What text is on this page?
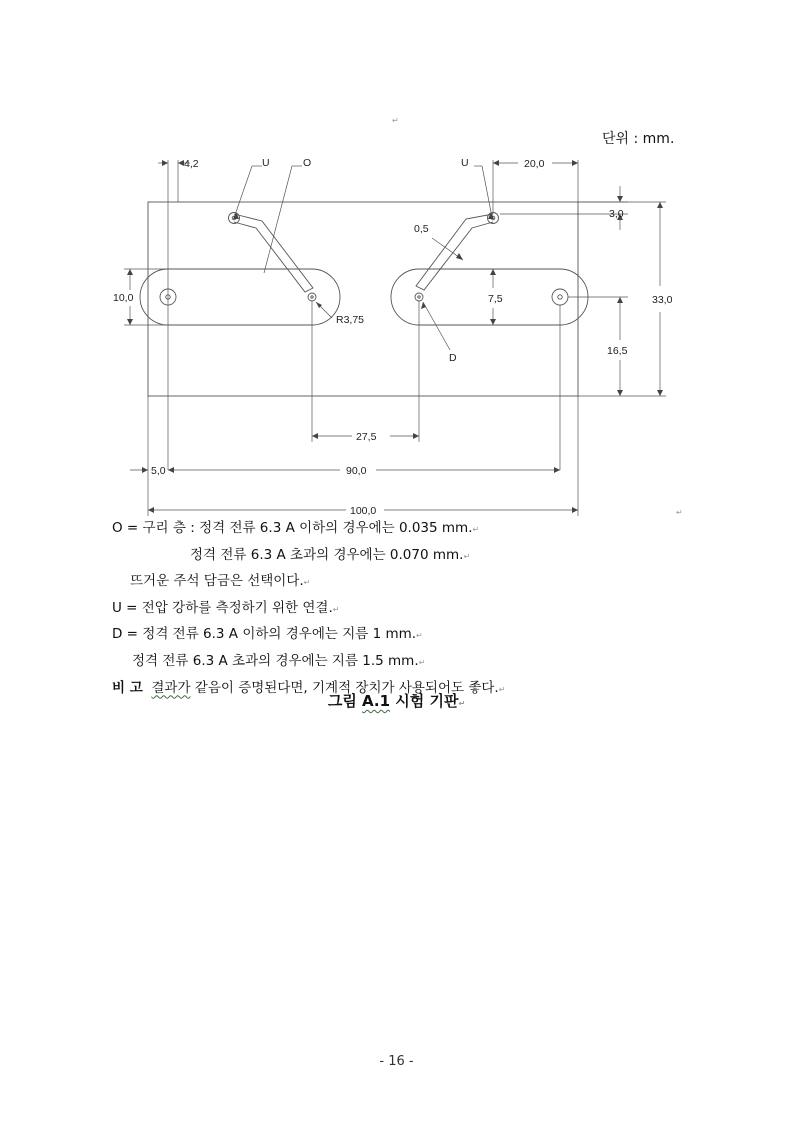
↵
단위 : mm.
U	O	U
D
R3,75
0,5
4,2	20,0
3,0
10,0	7,5	33,0
16,5
27,5
5,0	90,0
100,0	↵
O = 구리 층 : 정격 전류 6.3 A 이하의 경우에는 0.035 mm.↵
정격 전류 6.3 A 초과의 경우에는 0.070 mm.↵
뜨거운 주석 담금은 선택이다.↵
U = 전압 강하를 측정하기 위한 연결.↵
D = 정격 전류 6.3 A 이하의 경우에는 지름 1 mm.↵
정격 전류 6.3 A 초과의 경우에는 지름 1.5 mm.↵
비 고 결과가 같음이 증명된다면, 기계적 장치가 사용되어도 좋다.↵
그림 A.1 시험 기판↵
- 16 -
